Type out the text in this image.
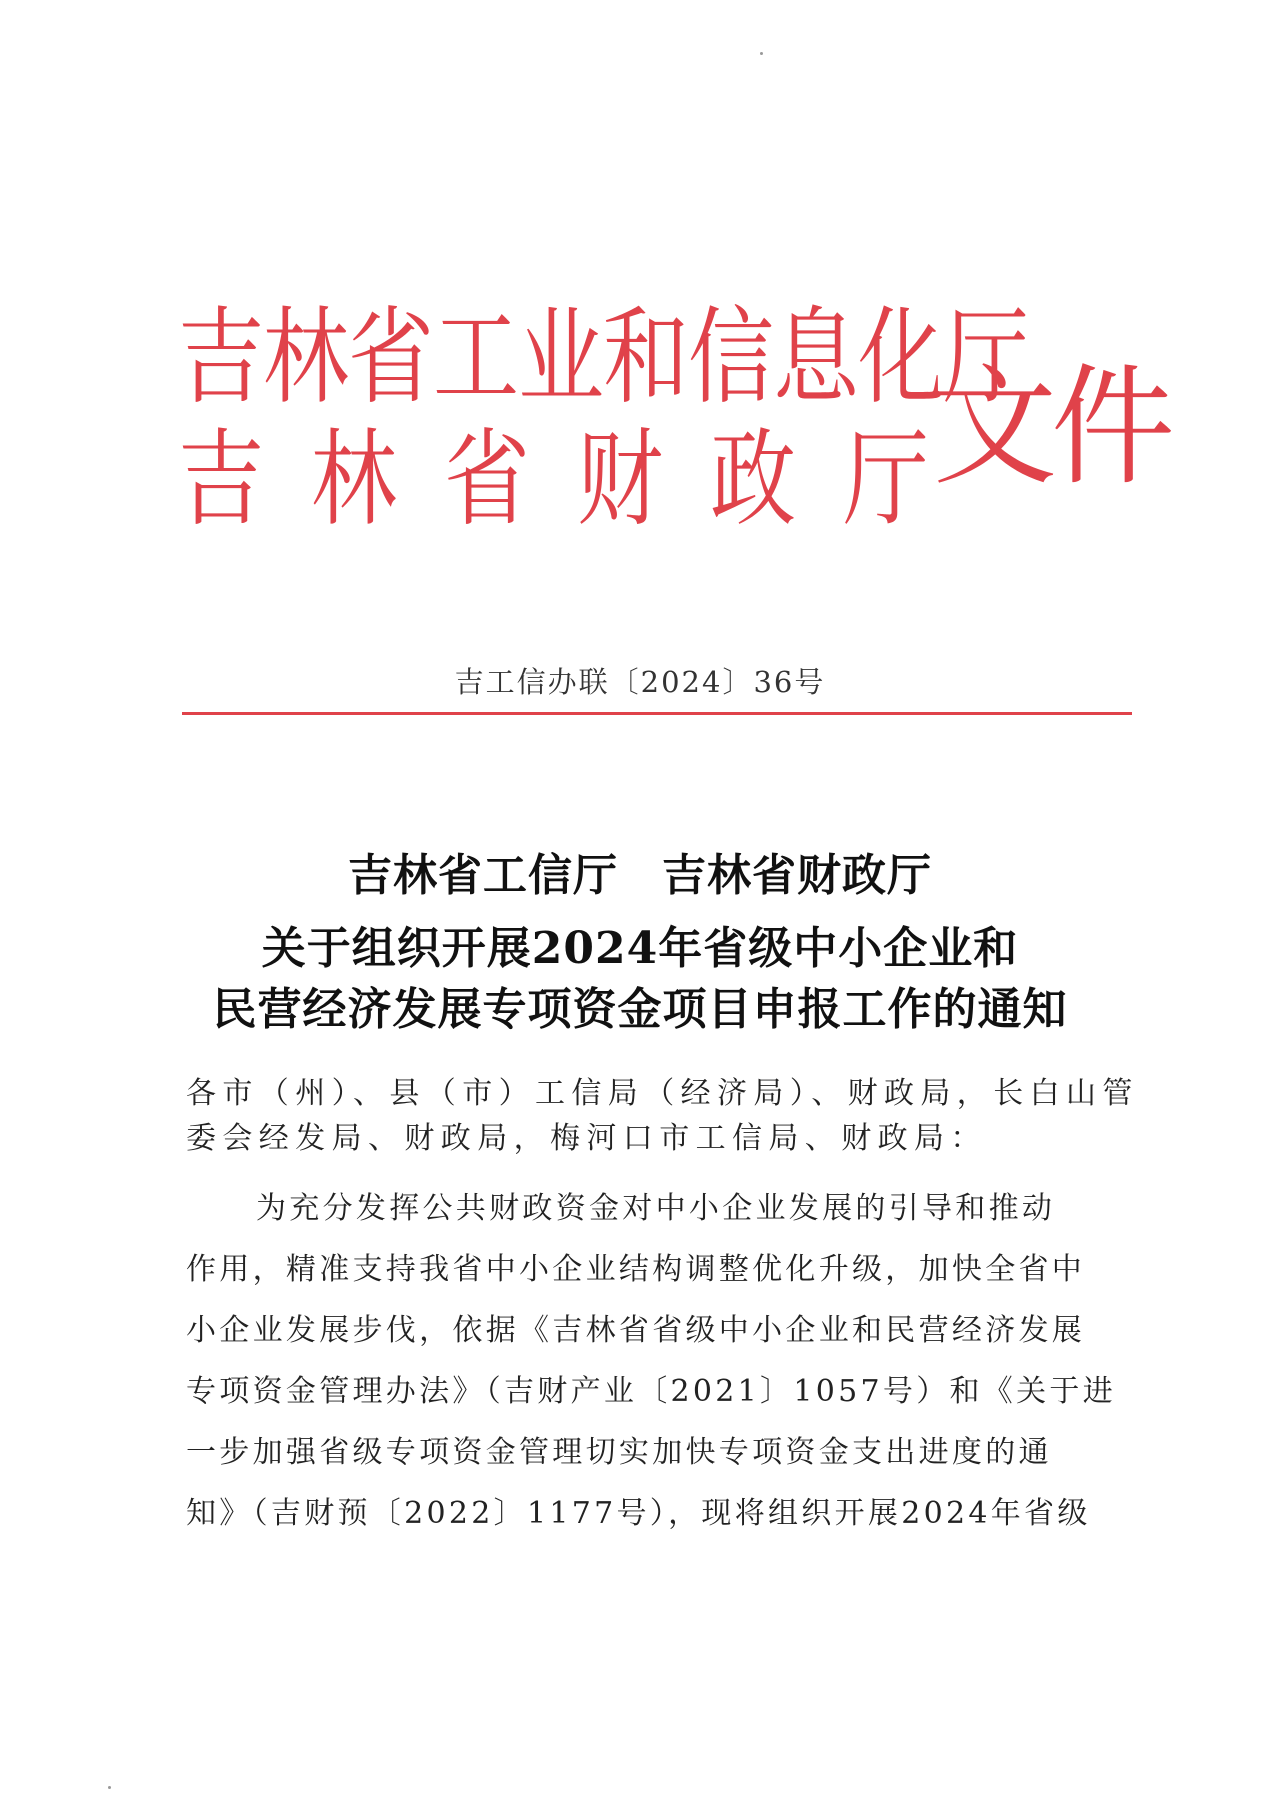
吉林省工业和信息化厅
吉林省财政厅
文件
吉工信办联〔2024〕36号
吉林省工信厅 吉林省财政厅
关于组织开展2024年省级中小企业和
民营经济发展专项资金项目申报工作的通知
各市（州）、县（市）工信局（经济局）、财政局，长白山管
委会经发局、财政局，梅河口市工信局、财政局：
为充分发挥公共财政资金对中小企业发展的引导和推动
作用，精准支持我省中小企业结构调整优化升级，加快全省中
小企业发展步伐，依据《吉林省省级中小企业和民营经济发展
专项资金管理办法》（吉财产业〔2021〕1057号）和《关于进
一步加强省级专项资金管理切实加快专项资金支出进度的通
知》（吉财预〔2022〕1177号），现将组织开展2024年省级
